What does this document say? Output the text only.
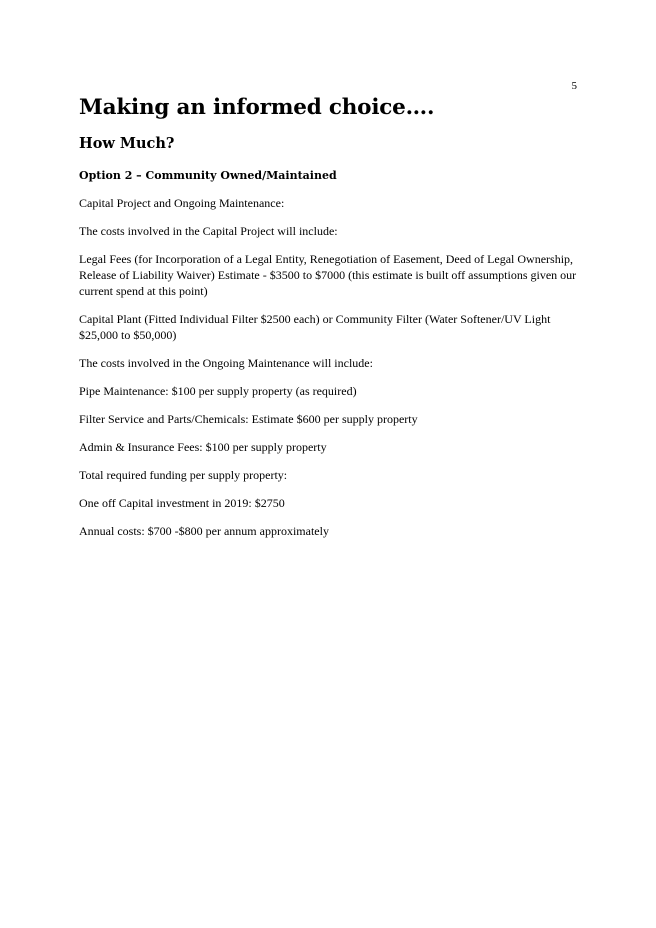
5
Making an informed choice….
How Much?
Option 2 – Community Owned/Maintained

Capital Project and Ongoing Maintenance:

The costs involved in the Capital Project will include:

Legal Fees (for Incorporation of a Legal Entity, Renegotiation of Easement, Deed of Legal Ownership, Release of Liability Waiver) Estimate - $3500 to $7000 (this estimate is built off assumptions given our current spend at this point)

Capital Plant (Fitted Individual Filter $2500 each) or Community Filter (Water Softener/UV Light $25,000 to $50,000)

The costs involved in the Ongoing Maintenance will include:

Pipe Maintenance: $100 per supply property (as required)

Filter Service and Parts/Chemicals: Estimate $600 per supply property

Admin & Insurance Fees: $100 per supply property

Total required funding per supply property:

One off Capital investment in 2019: $2750

Annual costs: $700 -$800 per annum approximately
